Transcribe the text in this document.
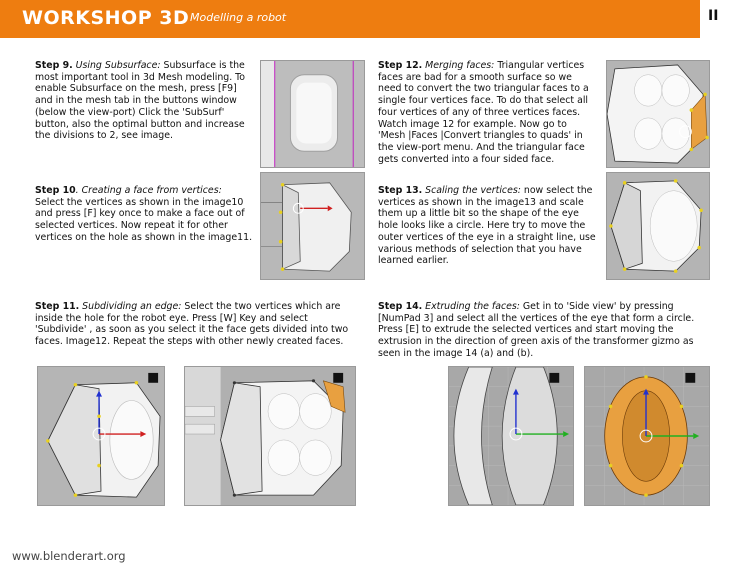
WORKSHOP 3D Modelling a robot	II
Step 9. Using Subsurface: Subsurface is the most important tool in 3d Mesh modeling. To enable Subsurface on the mesh, press [F9] and in the mesh tab in the buttons window (below the view-port) Click the 'SubSurf' button, also the optimal button and increase the divisions to 2, see image.
Step 10. Creating a face from vertices: Select the vertices as shown in the image10 and press [F] key once to make a face out of selected vertices. Now repeat it for other vertices on the hole as shown in the image11.
Step 11. Subdividing an edge: Select the two vertices which are inside the hole for the robot eye. Press [W] Key and select 'Subdivide' , as soon as you select it the face gets divided into two faces. Image12. Repeat the steps with other newly created faces.
Step 12. Merging faces: Triangular vertices faces are bad for a smooth surface so we need to convert the two triangular faces to a single four vertices face. To do that select all four vertices of any of three vertices faces. Watch image 12 for example. Now go to 'Mesh |Faces |Convert triangles to quads' in the view-port menu. And the triangular face gets converted into a four sided face.
Step 13. Scaling the vertices: now select the vertices as shown in the image13 and scale them up a little bit so the shape of the eye hole looks like a circle. Here try to move the outer vertices of the eye in a straight line, use various methods of selection that you have learned earlier.
Step 14. Extruding the faces: Get in to 'Side view' by pressing [NumPad 3] and select all the vertices of the eye that form a circle. Press [E] to extrude the selected vertices and start moving the extrusion in the direction of green axis of the transformer gizmo as seen in the image 14 (a) and (b).
www.blenderart.org
